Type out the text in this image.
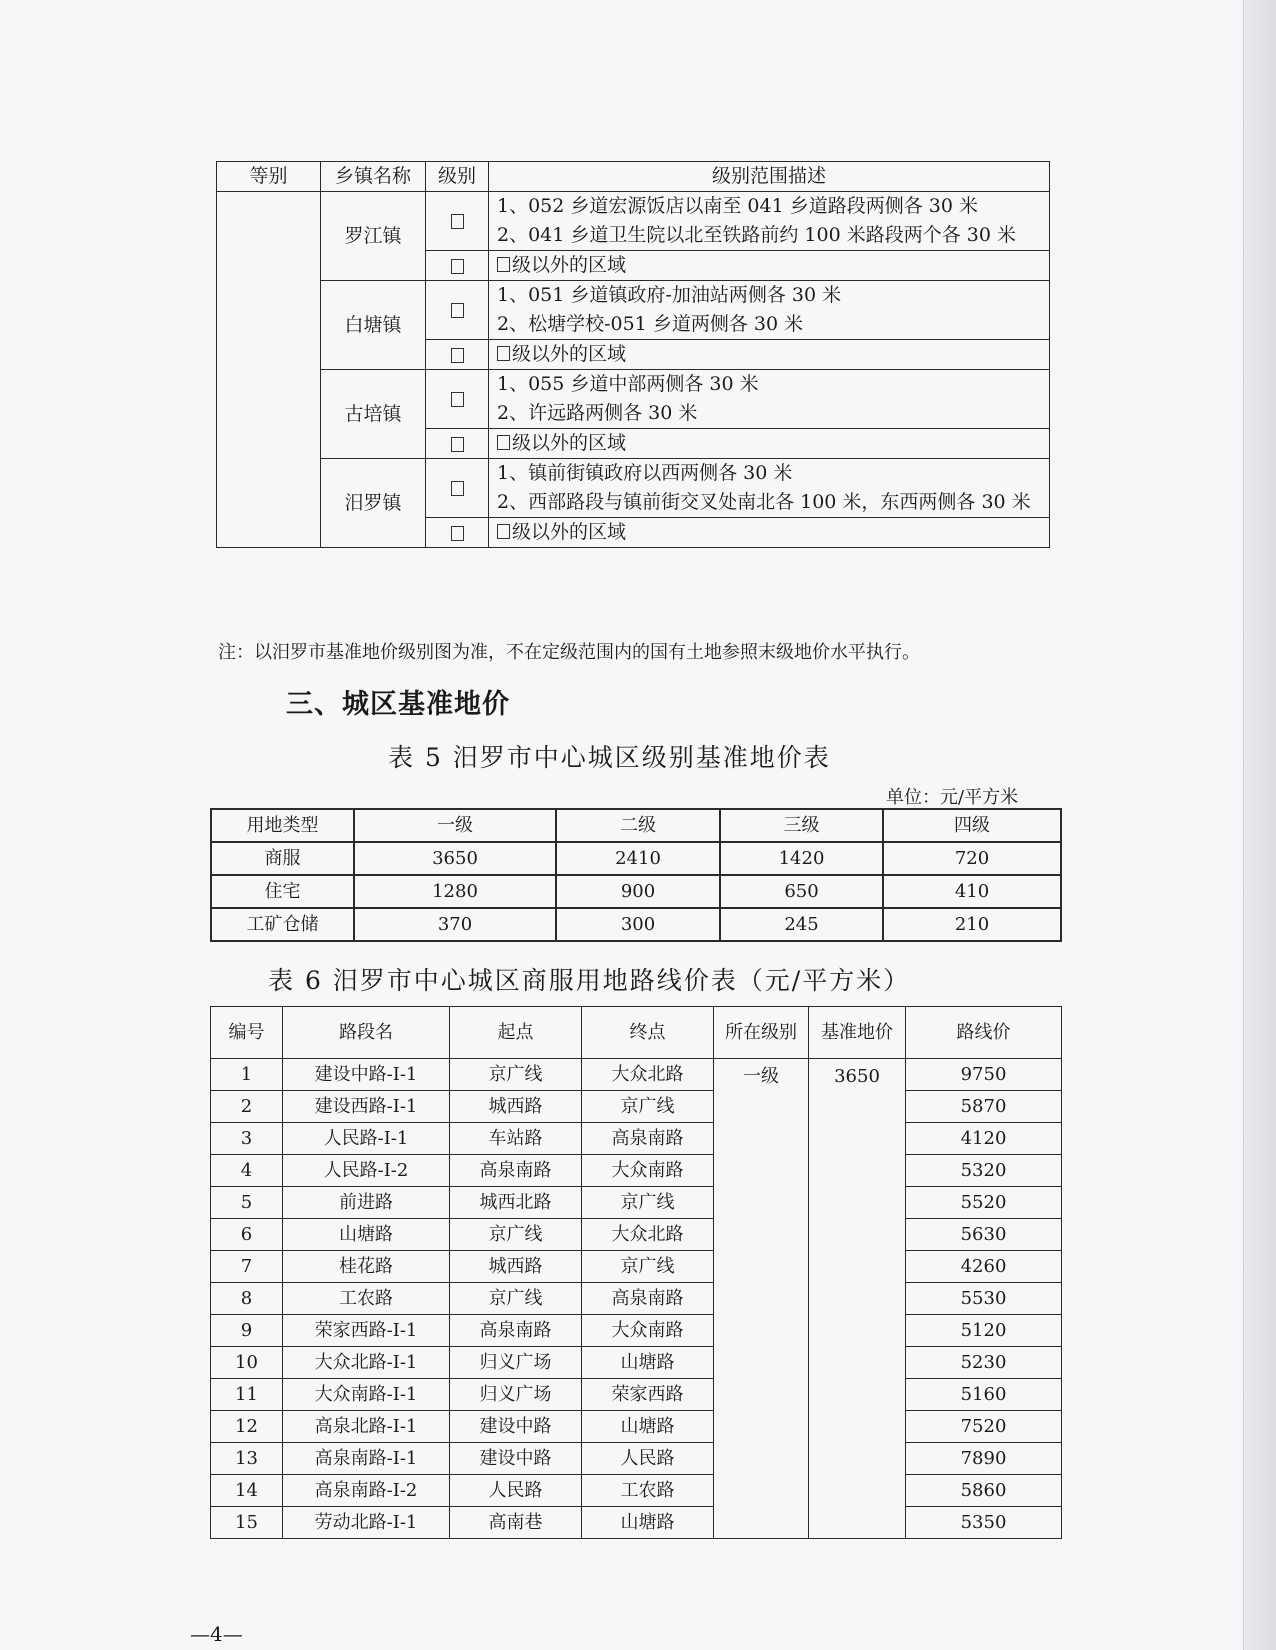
等别	乡镇名称	级别	级别范围描述
	罗江镇		1、052 乡道宏源饭店以南至 041 乡道路段两侧各 30 米
2、041 乡道卫生院以北至铁路前约 100 米路段两个各 30 米

			级以外的区域
	白塘镇		1、051 乡道镇政府-加油站两侧各 30 米
2、松塘学校-051 乡道两侧各 30 米

			级以外的区域
	古培镇		1、055 乡道中部两侧各 30 米
2、许远路两侧各 30 米

			级以外的区域
	汨罗镇		1、镇前街镇政府以西两侧各 30 米
2、西部路段与镇前街交叉处南北各 100 米，东西两侧各 30 米

			级以外的区域
注：以汨罗市基准地价级别图为准，不在定级范围内的国有土地参照末级地价水平执行。
三、城区基准地价
表 5 汨罗市中心城区级别基准地价表
单位：元/平方米
用地类型	一级	二级	三级	四级
商服	3650	2410	1420	720
住宅	1280	900	650	410
工矿仓储	370	300	245	210
表 6 汨罗市中心城区商服用地路线价表（元/平方米）
编号	路段名	起点	终点	所在级别	基准地价	路线价
1	建设中路-Ⅰ-1	京广线	大众北路	一级	3650	9750
2	建设西路-Ⅰ-1	城西路	京广线			5870
3	人民路-Ⅰ-1	车站路	高泉南路			4120
4	人民路-Ⅰ-2	高泉南路	大众南路			5320
5	前进路	城西北路	京广线			5520
6	山塘路	京广线	大众北路			5630
7	桂花路	城西路	京广线			4260
8	工农路	京广线	高泉南路			5530
9	荣家西路-Ⅰ-1	高泉南路	大众南路			5120
10	大众北路-Ⅰ-1	归义广场	山塘路			5230
11	大众南路-Ⅰ-1	归义广场	荣家西路			5160
12	高泉北路-Ⅰ-1	建设中路	山塘路			7520
13	高泉南路-Ⅰ-1	建设中路	人民路			7890
14	高泉南路-Ⅰ-2	人民路	工农路			5860
15	劳动北路-Ⅰ-1	高南巷	山塘路			5350
—4—
